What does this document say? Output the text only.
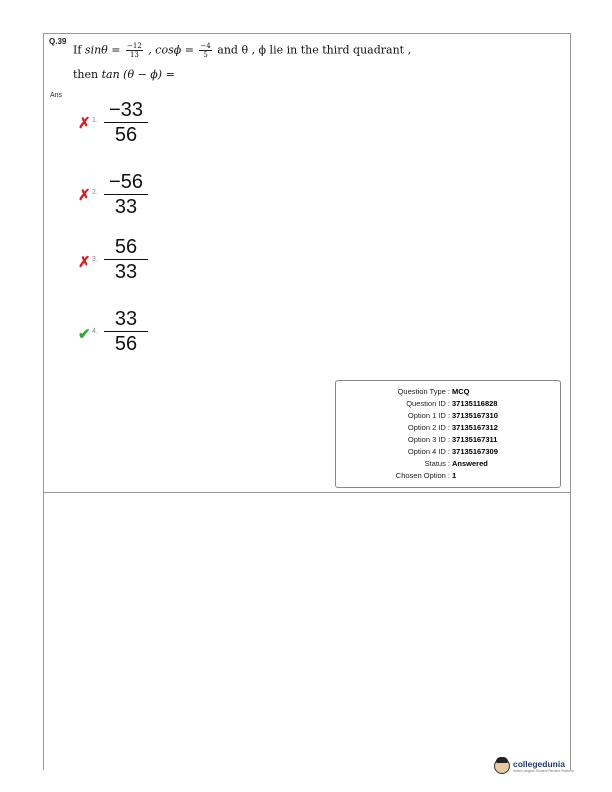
Q.39
If $\sin\theta = \frac{-12}{13}$ , $\cos\phi = \frac{-4}{5}$ and θ , ϕ lie in the third quadrant ,
then tan (θ − ϕ) =
Ans
✗ 1. $\frac{-33}{56}$
✗ 2. $\frac{-56}{33}$
✗ 3. $\frac{56}{33}$
✔ 4. $\frac{33}{56}$
Question Type : MCQ
Question ID : 37135116828
Option 1 ID : 37135167310
Option 2 ID : 37135167312
Option 3 ID : 37135167311
Option 4 ID : 37135167309
Status : Answered
Chosen Option : 1
collegedunia
India's largest Student Review Platform
